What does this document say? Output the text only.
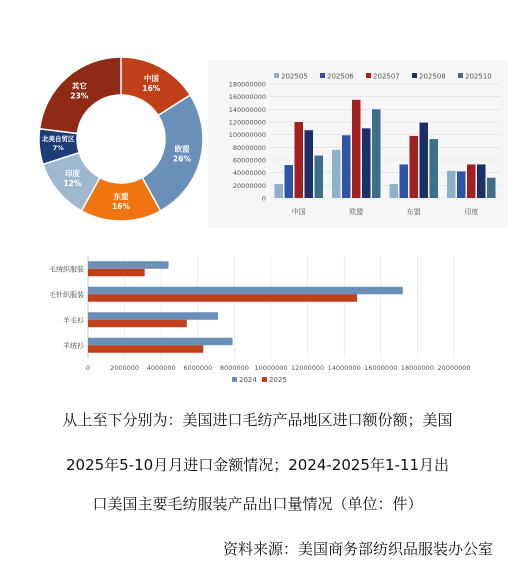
中国
16%
欧盟
26%
东盟
16%
印度
12%
北美自贸区
7%
其它
23%
202505	202506	202507	202508	202510
0
20000000
40000000
60000000
80000000
100000000
120000000
140000000
160000000
180000000
中国	欧盟	东盟	印度
0	2000000 4000000 6000000 8000000 10000000 12000000 14000000 16000000 18000000 20000000
毛绒织服装
毛针织服装
羊毛衫
羊绒衫
2024 2025
从上至下分别为：美国进口毛纺产品地区进口额份额；美国
2025年5-10月月进口金额情况；2024-2025年1-11月出
口美国主要毛纺服装产品出口量情况（单位：件）
资料来源：美国商务部纺织品服装办公室
